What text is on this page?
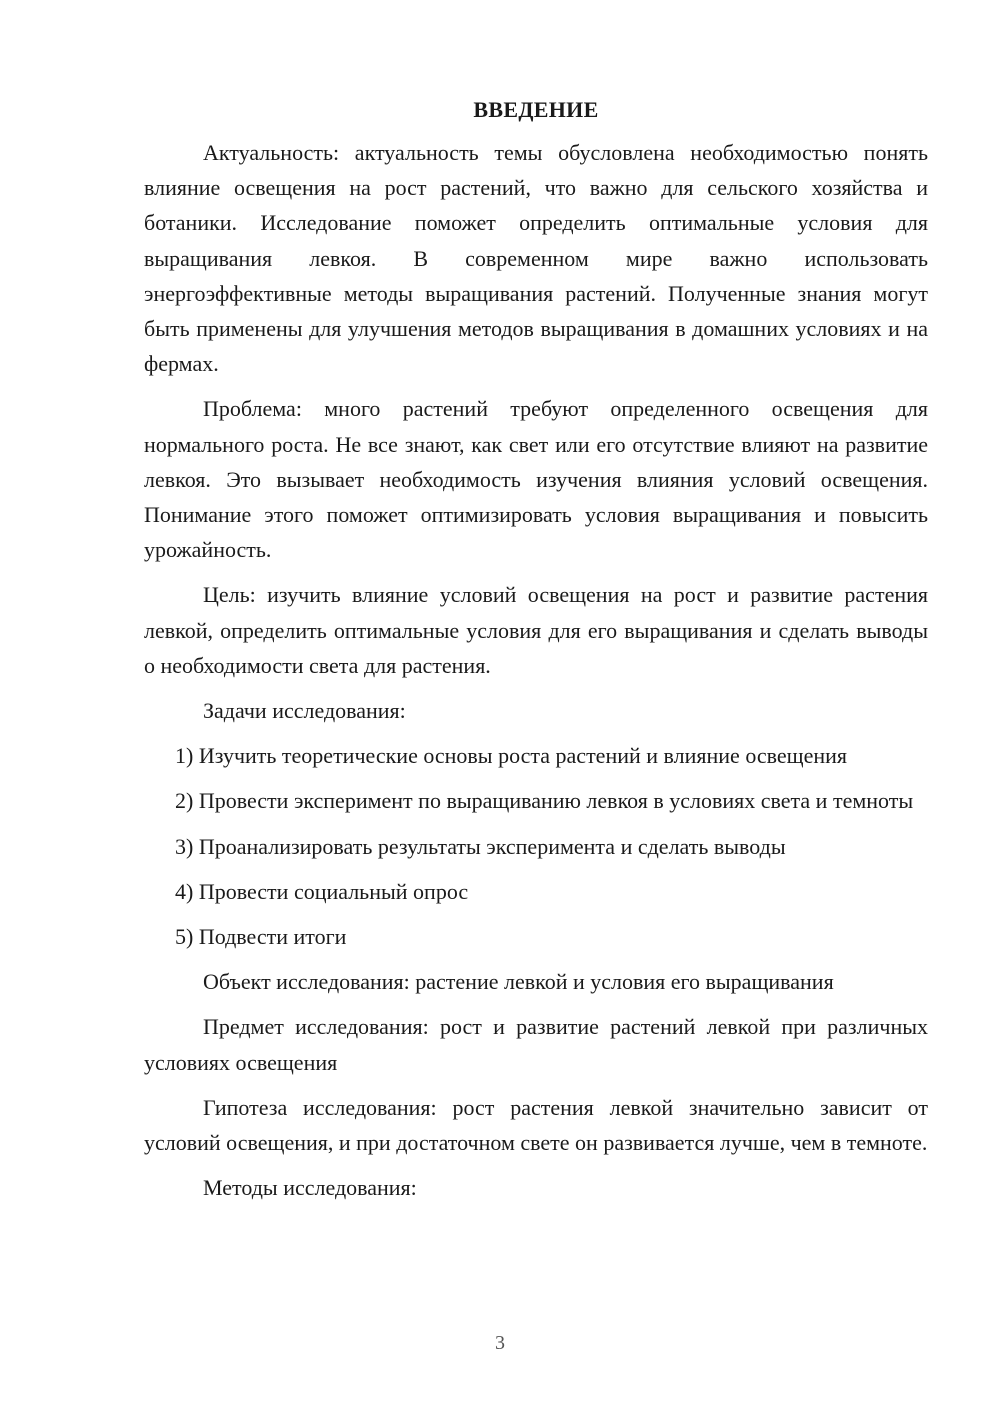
ВВЕДЕНИЕ

Актуальность: актуальность темы обусловлена необходимостью понять влияние освещения на рост растений, что важно для сельского хозяйства и ботаники. Исследование поможет определить оптимальные условия для выращивания левкоя. В современном мире важно использовать энергоэффективные методы выращивания растений. Полученные знания могут быть применены для улучшения методов выращивания в домашних условиях и на фермах.

Проблема: много растений требуют определенного освещения для нормального роста. Не все знают, как свет или его отсутствие влияют на развитие левкоя. Это вызывает необходимость изучения влияния условий освещения. Понимание этого поможет оптимизировать условия выращивания и повысить урожайность.

Цель: изучить влияние условий освещения на рост и развитие растения левкой, определить оптимальные условия для его выращивания и сделать выводы о необходимости света для растения.

Задачи исследования:

1) Изучить теоретические основы роста растений и влияние освещения

2) Провести эксперимент по выращиванию левкоя в условиях света и темноты

3) Проанализировать результаты эксперимента и сделать выводы

4) Провести социальный опрос

5) Подвести итоги

Объект исследования: растение левкой и условия его выращивания

Предмет исследования: рост и развитие растений левкой при различных условиях освещения

Гипотеза исследования: рост растения левкой значительно зависит от условий освещения, и при достаточном свете он развивается лучше, чем в темноте.

Методы исследования:

3
